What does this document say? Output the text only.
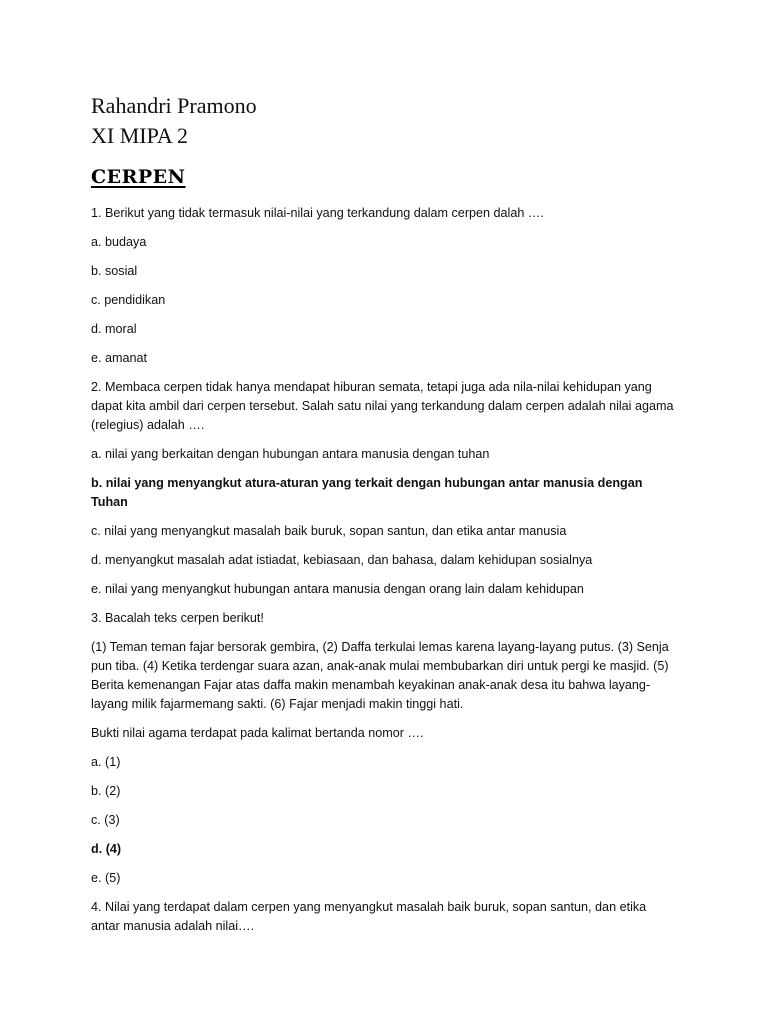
Rahandri Pramono
XI MIPA 2
CERPEN

1. Berikut yang tidak termasuk nilai-nilai yang terkandung dalam cerpen dalah ….

a. budaya

b. sosial

c. pendidikan

d. moral

e. amanat

2. Membaca cerpen tidak hanya mendapat hiburan semata, tetapi juga ada nila-nilai kehidupan yang dapat kita ambil dari cerpen tersebut. Salah satu nilai yang terkandung dalam cerpen adalah nilai agama (relegius) adalah ….

a. nilai yang berkaitan dengan hubungan antara manusia dengan tuhan

b. nilai yang menyangkut atura-aturan yang terkait dengan hubungan antar manusia dengan Tuhan

c. nilai yang menyangkut masalah baik buruk, sopan santun, dan etika antar manusia

d. menyangkut masalah adat istiadat, kebiasaan, dan bahasa, dalam kehidupan sosialnya

e. nilai yang menyangkut hubungan antara manusia dengan orang lain dalam kehidupan

3. Bacalah teks cerpen berikut!

(1) Teman teman fajar bersorak gembira, (2) Daffa terkulai lemas karena layang-layang putus. (3) Senja pun tiba. (4) Ketika terdengar suara azan, anak-anak mulai membubarkan diri untuk pergi ke masjid. (5) Berita kemenangan Fajar atas daffa makin menambah keyakinan anak-anak desa itu bahwa layang-layang milik fajarmemang sakti. (6) Fajar menjadi makin tinggi hati.

Bukti nilai agama terdapat pada kalimat bertanda nomor ….

a. (1)

b. (2)

c. (3)

d. (4)

e. (5)

4. Nilai yang terdapat dalam cerpen yang menyangkut masalah baik buruk, sopan santun, dan etika antar manusia adalah nilai….
